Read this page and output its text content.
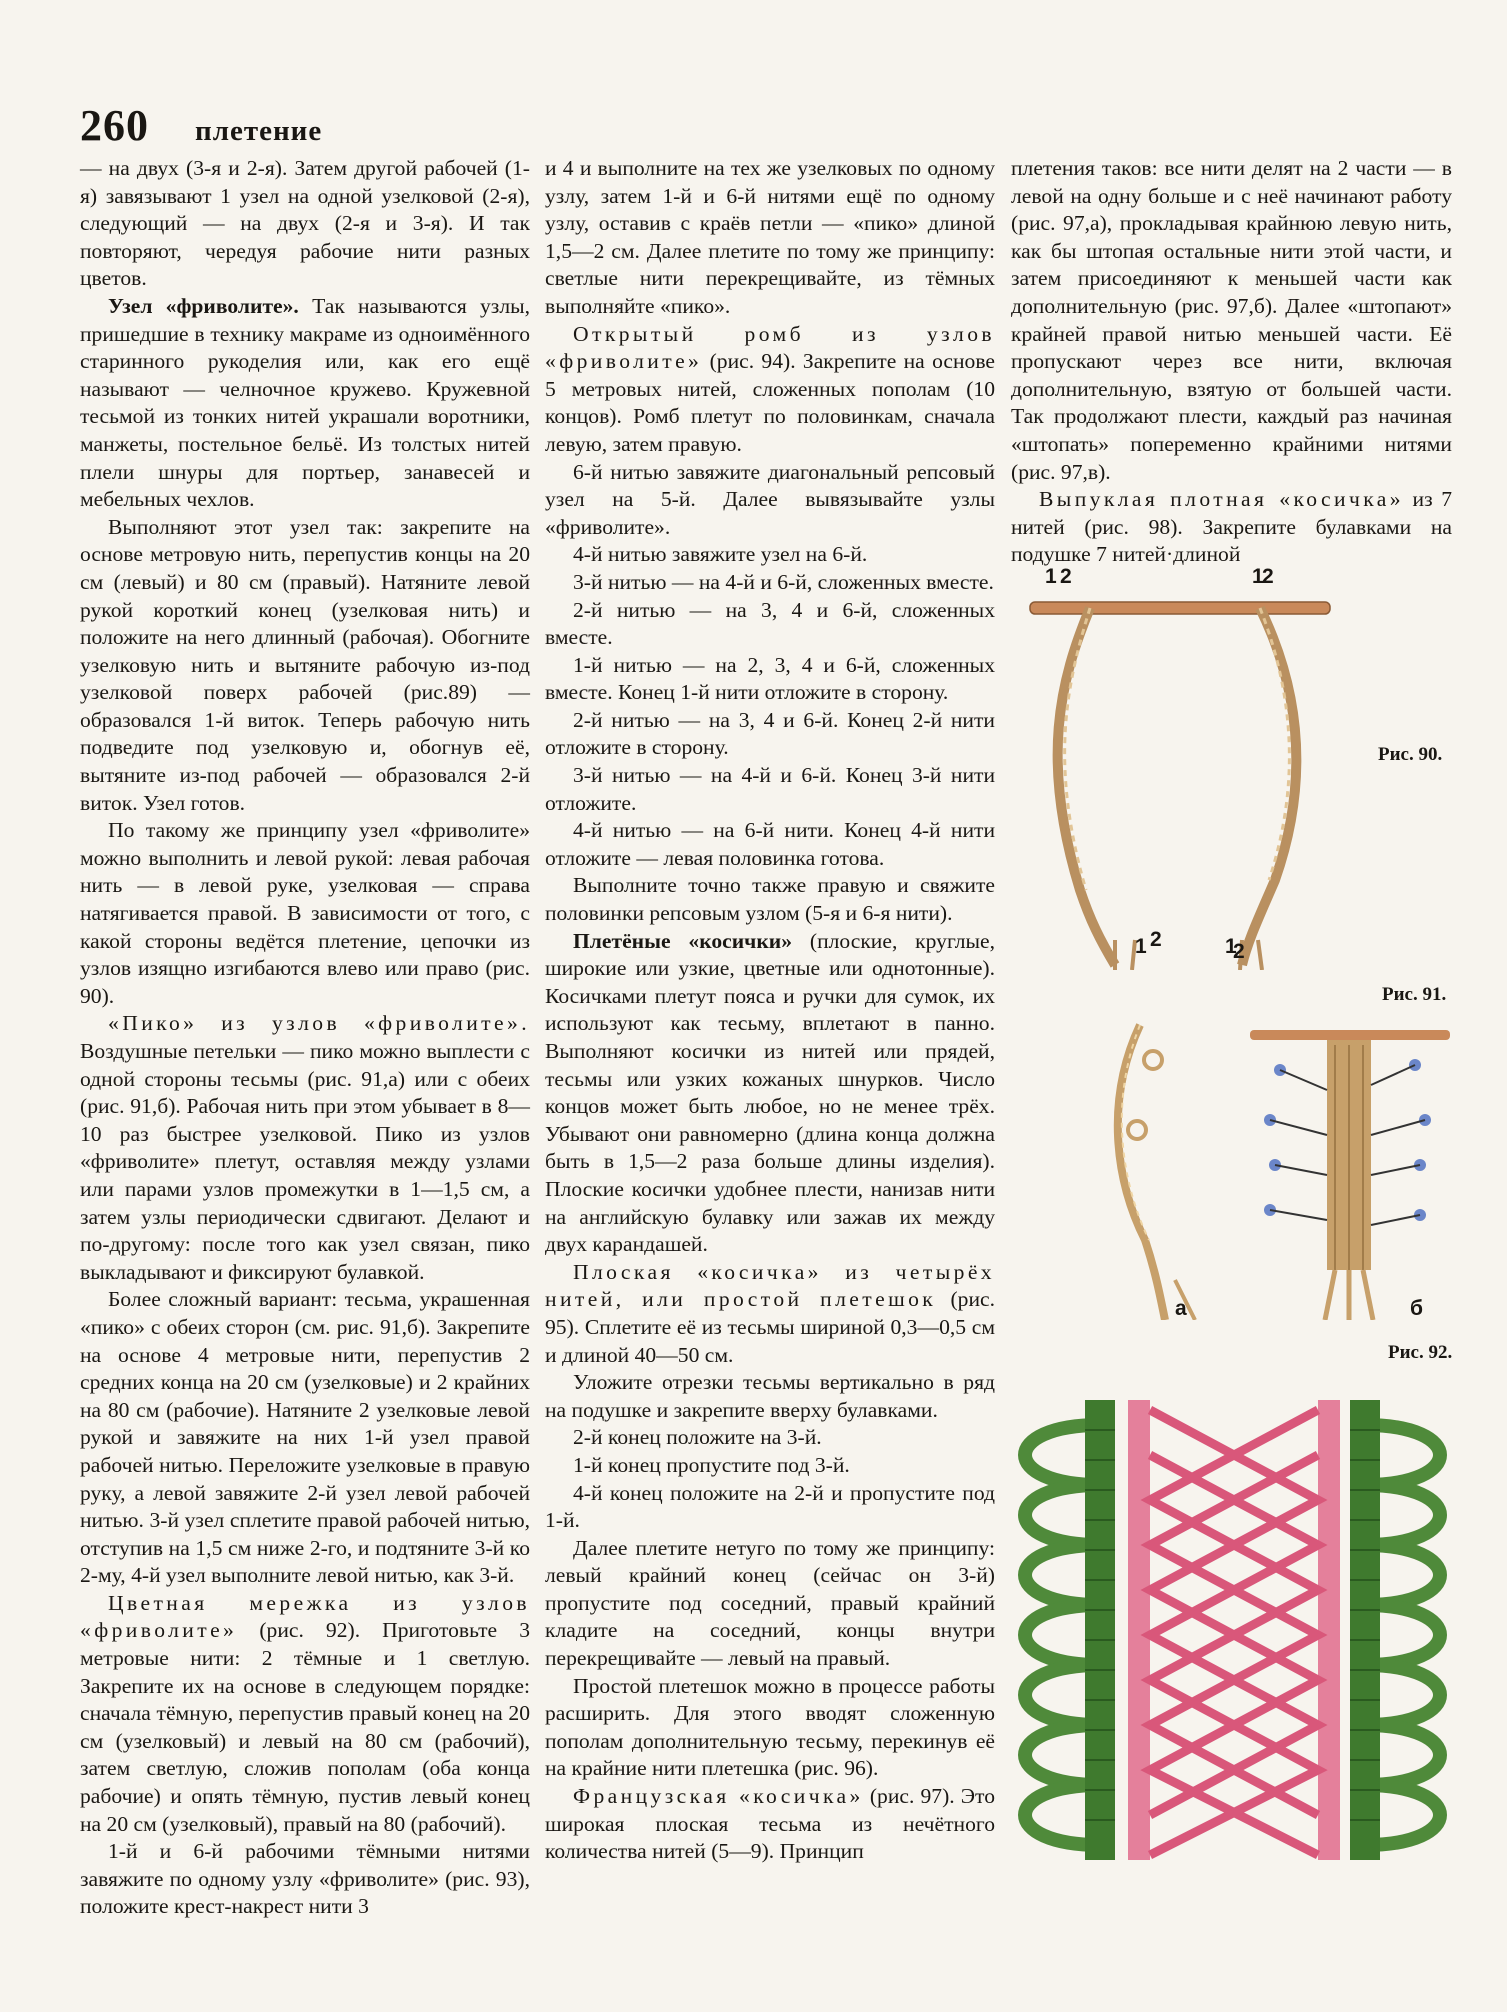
260 плетение

— на двух (3-я и 2-я). Затем другой рабочей (1-я) завязывают 1 узел на одной узелковой (2-я), следующий — на двух (2-я и 3-я). И так повторяют, чередуя рабочие нити разных цветов.

Узел «фриволите». Так называются узлы, пришедшие в технику макраме из одноимённого старинного рукоделия или, как его ещё называют — челночное кружево. Кружевной тесьмой из тонких нитей украшали воротники, манжеты, постельное бельё. Из толстых нитей плели шнуры для портьер, занавесей и мебельных чехлов.

Выполняют этот узел так: закрепите на основе метровую нить, перепустив концы на 20 см (левый) и 80 см (правый). Натяните левой рукой короткий конец (узелковая нить) и положите на него длинный (рабочая). Обогните узелковую нить и вытяните рабочую из-под узелковой поверх рабочей (рис.89) — образовался 1-й виток. Теперь рабочую нить подведите под узелковую и, обогнув её, вытяните из-под рабочей — образовался 2-й виток. Узел готов.

По такому же принципу узел «фриволите» можно выполнить и левой рукой: левая рабочая нить — в левой руке, узелковая — справа натягивается правой. В зависимости от того, с какой стороны ведётся плетение, цепочки из узлов изящно изгибаются влево или право (рис. 90).

«Пико» из узлов «фриволите». Воздушные петельки — пико можно выплести с одной стороны тесьмы (рис. 91,а) или с обеих (рис. 91,б). Рабочая нить при этом убывает в 8—10 раз быстрее узелковой. Пико из узлов «фриволите» плетут, оставляя между узлами или парами узлов промежутки в 1—1,5 см, а затем узлы периодически сдвигают. Делают и по-другому: после того как узел связан, пико выкладывают и фиксируют булавкой.

Более сложный вариант: тесьма, украшенная «пико» с обеих сторон (см. рис. 91,б). Закрепите на основе 4 метровые нити, перепустив 2 средних конца на 20 см (узелковые) и 2 крайних на 80 см (рабочие). Натяните 2 узелковые левой рукой и завяжите на них 1-й узел правой рабочей нитью. Переложите узелковые в правую руку, а левой завяжите 2-й узел левой рабочей нитью. 3-й узел сплетите правой рабочей нитью, отступив на 1,5 см ниже 2-го, и подтяните 3-й ко 2-му, 4-й узел выполните левой нитью, как 3-й.

Цветная мережка из узлов «фриволите» (рис. 92). Приготовьте 3 метровые нити: 2 тёмные и 1 светлую. Закрепите их на основе в следующем порядке: сначала тёмную, перепустив правый конец на 20 см (узелковый) и левый на 80 см (рабочий), затем светлую, сложив пополам (оба конца рабочие) и опять тёмную, пустив левый конец на 20 см (узелковый), правый на 80 (рабочий).

1-й и 6-й рабочими тёмными нитями завяжите по одному узлу «фриволите» (рис. 93), положите крест-накрест нити 3

и 4 и выполните на тех же узелковых по одному узлу, затем 1-й и 6-й нитями ещё по одному узлу, оставив с краёв петли — «пико» длиной 1,5—2 см. Далее плетите по тому же принципу: светлые нити перекрещивайте, из тёмных выполняйте «пико».

Открытый ромб из узлов «фриволите» (рис. 94). Закрепите на основе 5 метровых нитей, сложенных пополам (10 концов). Ромб плетут по половинкам, сначала левую, затем правую.

6-й нитью завяжите диагональный репсовый узел на 5-й. Далее вывязывайте узлы «фриволите».

4-й нитью завяжите узел на 6-й.

3-й нитью — на 4-й и 6-й, сложенных вместе.

2-й нитью — на 3, 4 и 6-й, сложенных вместе.

1-й нитью — на 2, 3, 4 и 6-й, сложенных вместе. Конец 1-й нити отложите в сторону.

2-й нитью — на 3, 4 и 6-й. Конец 2-й нити отложите в сторону.

3-й нитью — на 4-й и 6-й. Конец 3-й нити отложите.

4-й нитью — на 6-й нити. Конец 4-й нити отложите — левая половинка готова.

Выполните точно также правую и свяжите половинки репсовым узлом (5-я и 6-я нити).

Плетёные «косички» (плоские, круглые, широкие или узкие, цветные или однотонные). Косичками плетут пояса и ручки для сумок, их используют как тесьму, вплетают в панно. Выполняют косички из нитей или прядей, тесьмы или узких кожаных шнурков. Число концов может быть любое, но не менее трёх. Убывают они равномерно (длина конца должна быть в 1,5—2 раза больше длины изделия). Плоские косички удобнее плести, нанизав нити на английскую булавку или зажав их между двух карандашей.

Плоская «косичка» из четырёх нитей, или простой плетешок (рис. 95). Сплетите её из тесьмы шириной 0,3—0,5 см и длиной 40—50 см.

Уложите отрезки тесьмы вертикально в ряд на подушке и закрепите вверху булавками.

2-й конец положите на 3-й.

1-й конец пропустите под 3-й.

4-й конец положите на 2-й и пропустите под 1-й.

Далее плетите нетуго по тому же принципу: левый крайний конец (сейчас он 3-й) пропустите под соседний, правый крайний кладите на соседний, концы внутри перекрещивайте — левый на правый.

Простой плетешок можно в процессе работы расширить. Для этого вводят сложенную пополам дополнительную тесьму, перекинув её на крайние нити плетешка (рис. 96).

Французская «косичка» (рис. 97). Это широкая плоская тесьма из нечётного количества нитей (5—9). Принцип

плетения таков: все нити делят на 2 части — в левой на одну больше и с неё начинают работу (рис. 97,а), прокладывая крайнюю левую нить, как бы штопая остальные нити этой части, и затем присоединяют к меньшей части как дополнительную (рис. 97,б). Далее «штопают» крайней правой нитью меньшей части. Её пропускают через все нити, включая дополнительную, взятую от большей части. Так продолжают плести, каждый раз начиная «штопать» попеременно крайними нитями (рис. 97,в).

Выпуклая плотная «косичка» из 7 нитей (рис. 98). Закрепите булавками на подушке 7 нитей·длиной

1 2	1
2
1 2	1
2
Рис. 90.
Рис. 91.
а	б
Рис. 92.
